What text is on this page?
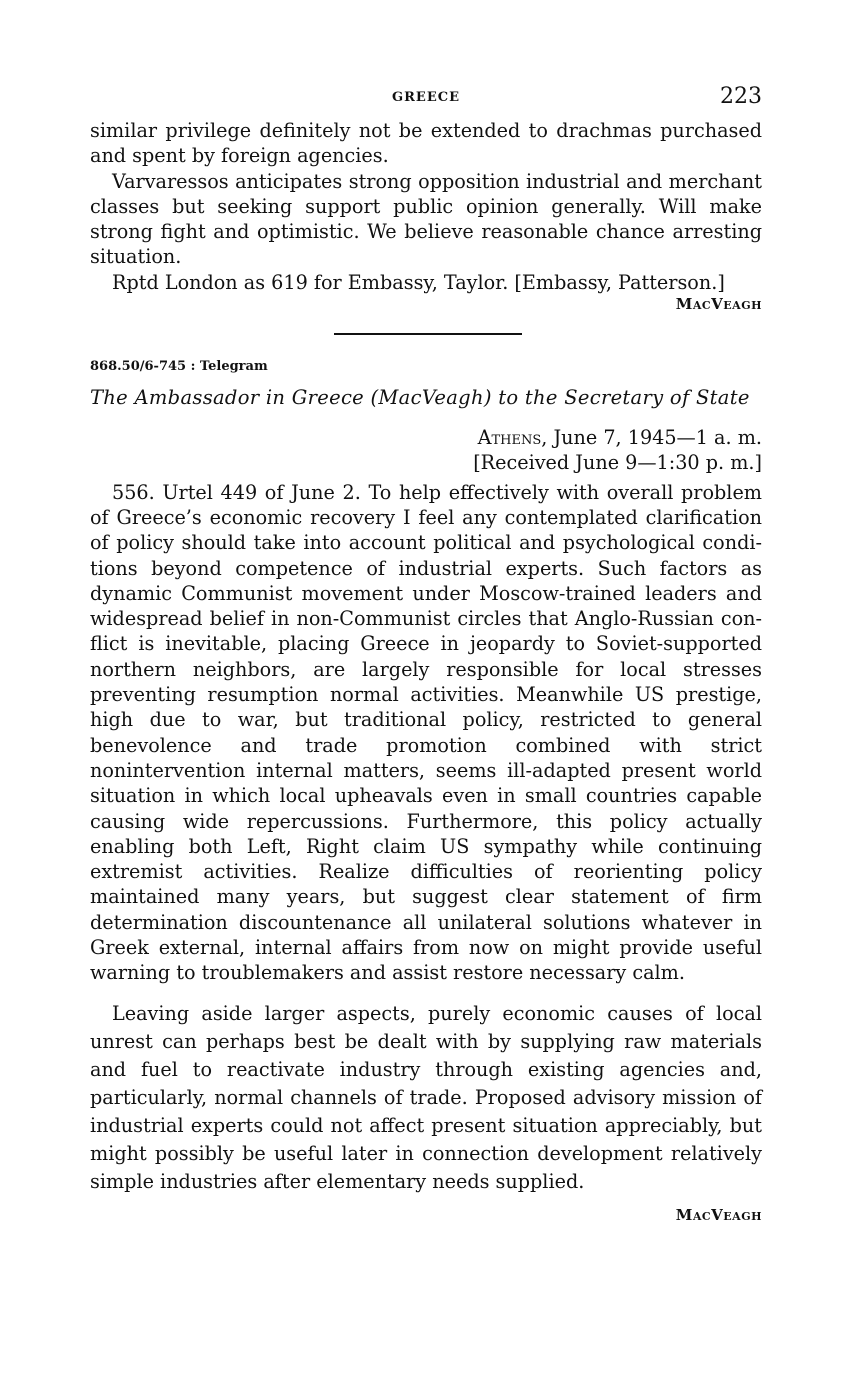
GREECE	223

similar privilege definitely not be extended to drachmas purchased and spent by foreign agencies.

Varvaressos anticipates strong opposition industrial and merchant classes but seeking support public opinion generally. Will make strong fight and optimistic. We believe reasonable chance arresting situation.

Rptd London as 619 for Embassy, Taylor. [Embassy, Patterson.]

MacVeagh
868.50/6-745 : Telegram
The Ambassador in Greece (MacVeagh) to the Secretary of State
Athens, June 7, 1945—1 a. m.
[Received June 9—1:30 p. m.]

556. Urtel 449 of June 2. To help effectively with overall problem of Greece’s economic recovery I feel any contemplated clarification of policy should take into account political and psychological conditions beyond competence of industrial experts. Such factors as dynamic Communist movement under Moscow-trained leaders and widespread belief in non-Communist circles that Anglo-Russian conflict is inevitable, placing Greece in jeopardy to Soviet-supported northern neighbors, are largely responsible for local stresses preventing resumption normal activities. Meanwhile US prestige, high due to war, but traditional policy, restricted to general benevolence and trade promotion combined with strict nonintervention internal matters, seems ill-adapted present world situation in which local upheavals even in small countries capable causing wide repercussions. Furthermore, this policy actually enabling both Left, Right claim US sympathy while continuing extremist activities. Realize difficulties of reorienting policy maintained many years, but suggest clear statement of firm determination discountenance all unilateral solutions whatever in Greek external, internal affairs from now on might provide useful warning to troublemakers and assist restore necessary calm.

Leaving aside larger aspects, purely economic causes of local unrest can perhaps best be dealt with by supplying raw materials and fuel to reactivate industry through existing agencies and, particularly, normal channels of trade. Proposed advisory mission of industrial experts could not affect present situation appreciably, but might possibly be useful later in connection development relatively simple industries after elementary needs supplied.

MacVeagh
